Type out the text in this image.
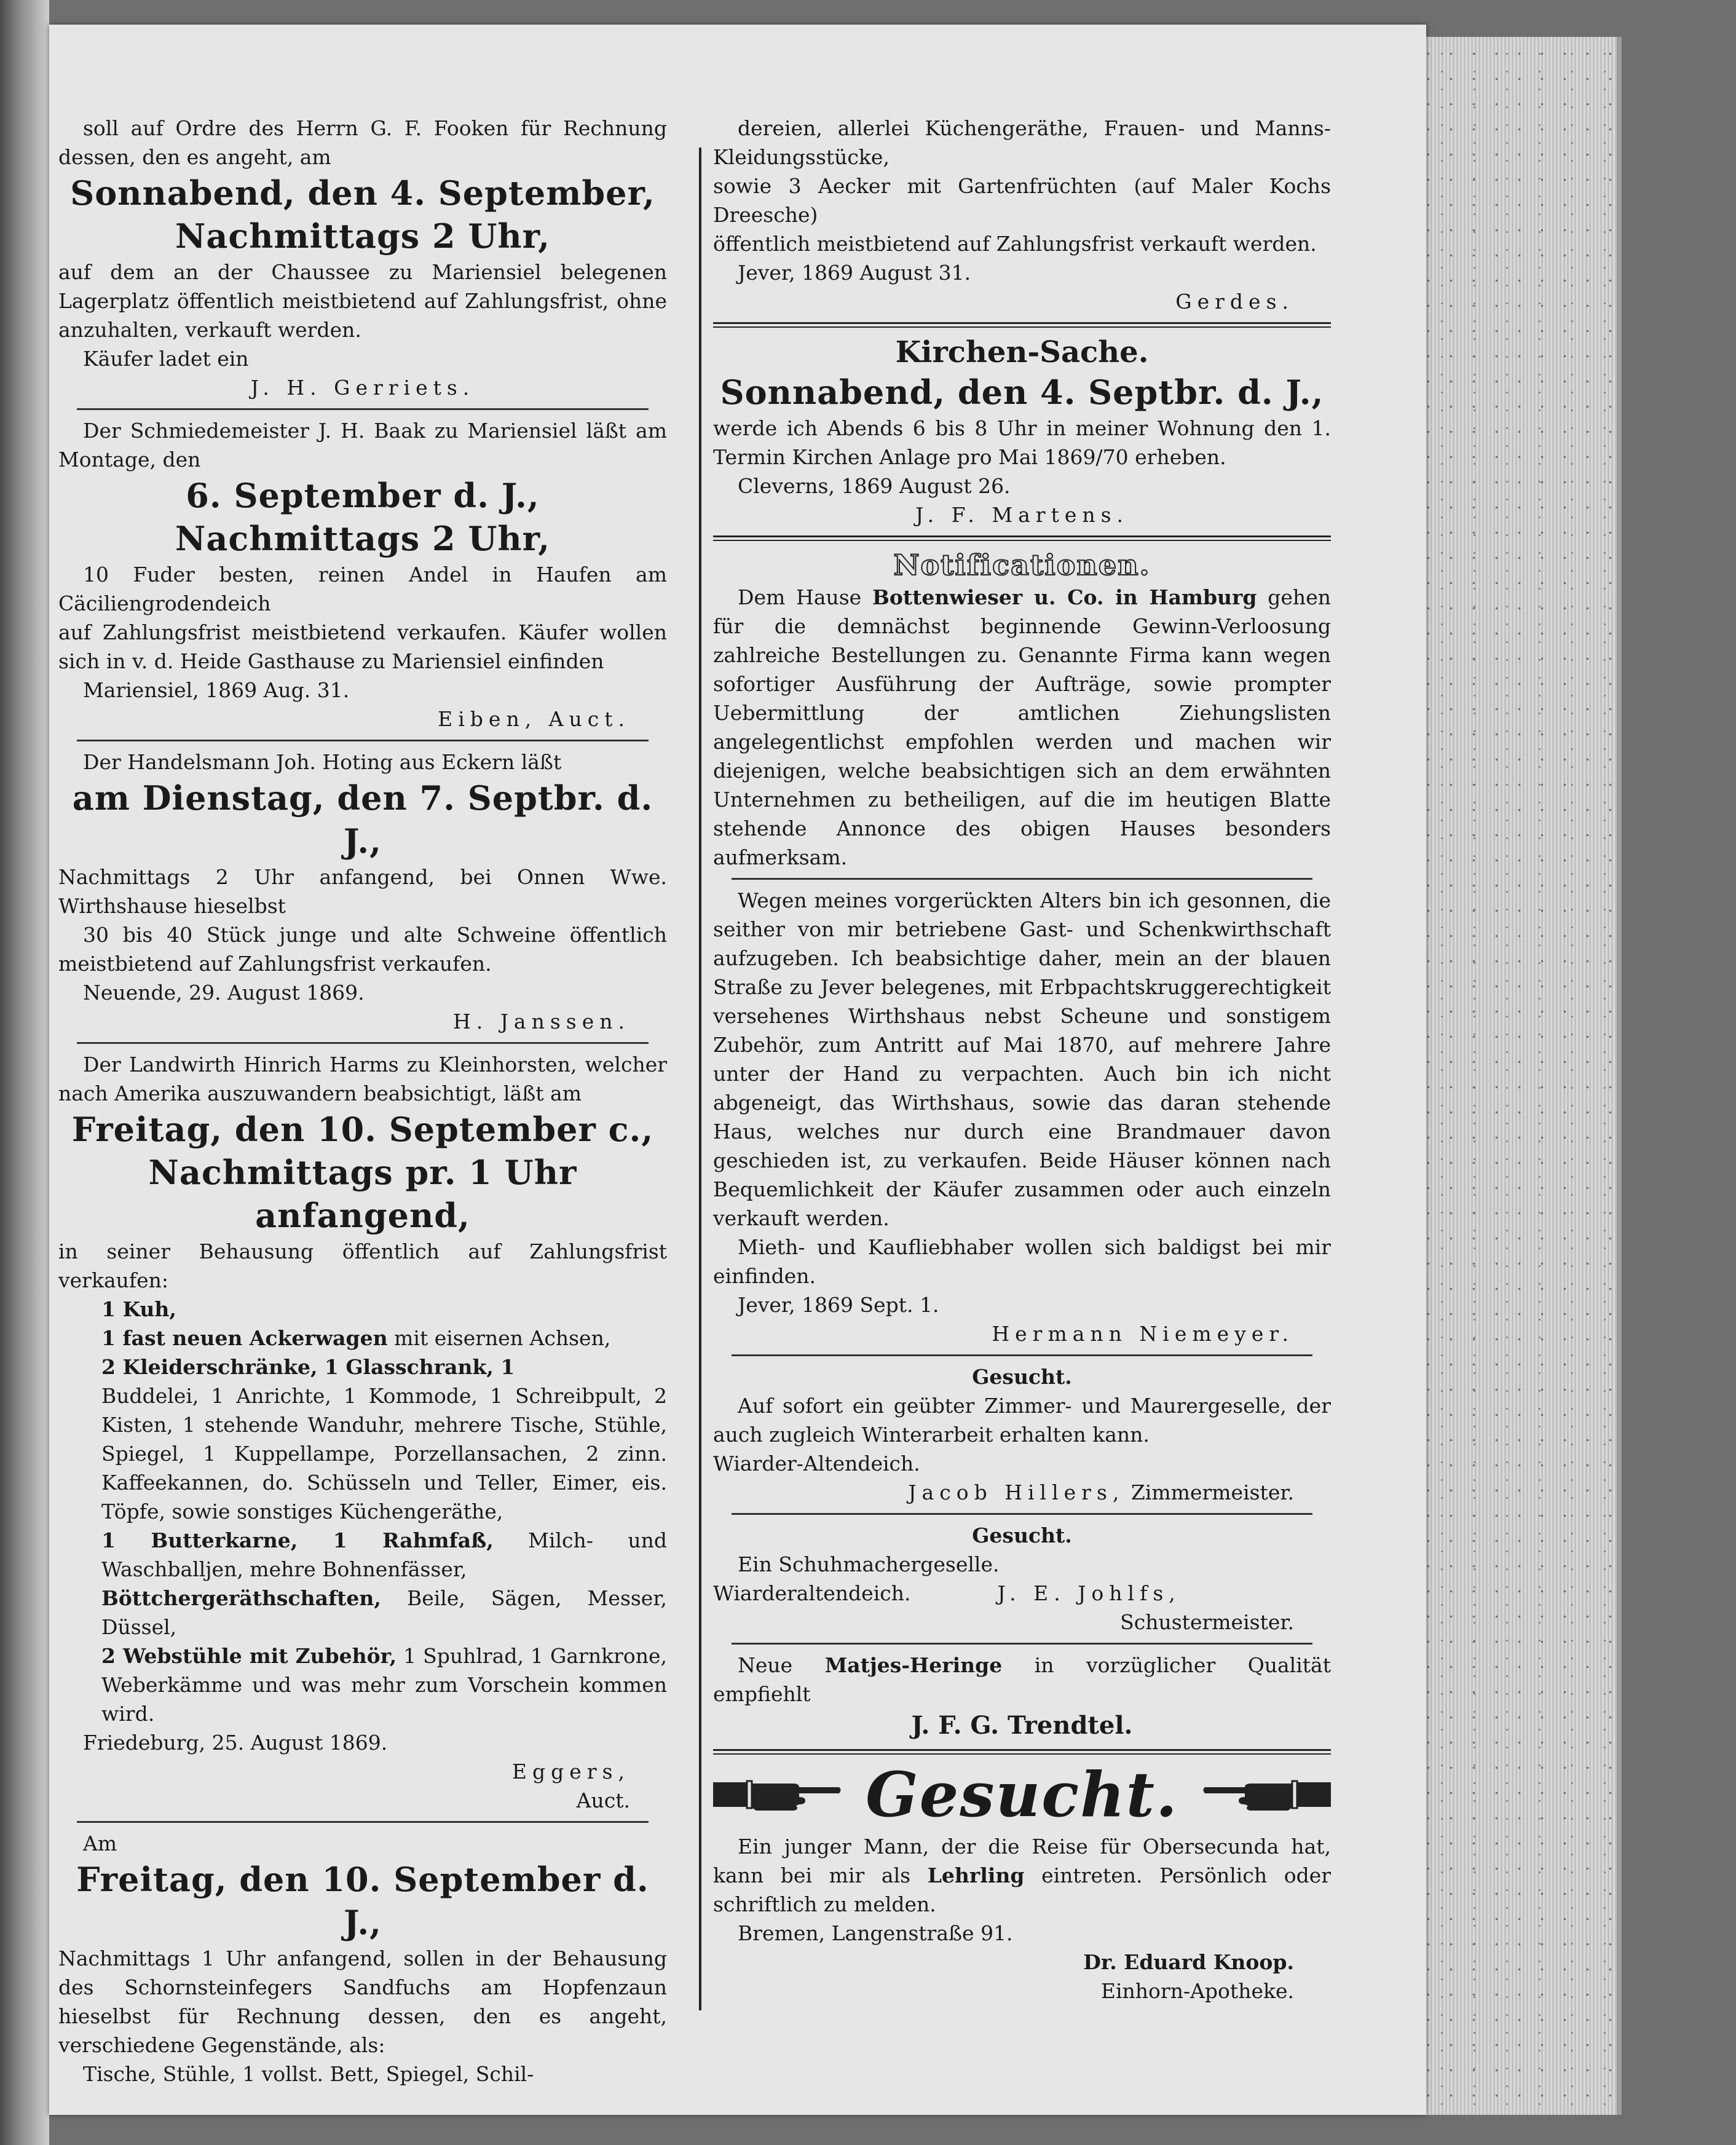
soll auf Ordre des Herrn G. F. Fooken für Rechnung dessen, den es angeht, am

Sonnabend, den 4. September,

Nachmittags 2 Uhr,

auf dem an der Chaussee zu Mariensiel belegenen Lagerplatz öffentlich meistbietend auf Zahlungsfrist, ohne anzuhalten, verkauft werden.

Käufer ladet ein

J. H. Gerriets.

Der Schmiedemeister J. H. Baak zu Mariensiel läßt am Montage, den

6. September d. J.,

Nachmittags 2 Uhr,

10 Fuder besten, reinen Andel in Haufen am Cäciliengrodendeich

auf Zahlungsfrist meistbietend verkaufen. Käufer wollen sich in v. d. Heide Gasthause zu Mariensiel einfinden

Mariensiel, 1869 Aug. 31.

Eiben, Auct.

Der Handelsmann Joh. Hoting aus Eckern läßt

am Dienstag, den 7. Septbr. d. J.,

Nachmittags 2 Uhr anfangend, bei Onnen Wwe. Wirthshause hieselbst

30 bis 40 Stück junge und alte Schweine öffentlich meistbietend auf Zahlungsfrist verkaufen.

Neuende, 29. August 1869.

H. Janssen.

Der Landwirth Hinrich Harms zu Kleinhorsten, welcher nach Amerika auszuwandern beabsichtigt, läßt am

Freitag, den 10. September c.,

Nachmittags pr. 1 Uhr anfangend,

in seiner Behausung öffentlich auf Zahlungsfrist verkaufen:

1 Kuh,

1 fast neuen Ackerwagen mit eisernen Achsen,

2 Kleiderschränke, 1 Glasschrank, 1

Buddelei, 1 Anrichte, 1 Kommode, 1 Schreibpult, 2 Kisten, 1 stehende Wanduhr, mehrere Tische, Stühle, Spiegel, 1 Kuppellampe, Porzellansachen, 2 zinn. Kaffeekannen, do. Schüsseln und Teller, Eimer, eis. Töpfe, sowie sonstiges Küchengeräthe,

1 Butterkarne, 1 Rahmfaß, Milch- und Waschballjen, mehre Bohnenfässer,

Böttchergeräthschaften, Beile, Sägen, Messer, Düssel,

2 Webstühle mit Zubehör, 1 Spuhlrad, 1 Garnkrone, Weberkämme und was mehr zum Vorschein kommen wird.

Friedeburg, 25. August 1869.

Eggers,

Auct.

Am

Freitag, den 10. September d. J.,

Nachmittags 1 Uhr anfangend, sollen in der Behausung des Schornsteinfegers Sandfuchs am Hopfenzaun hieselbst für Rechnung dessen, den es angeht, verschiedene Gegenstände, als:

Tische, Stühle, 1 vollst. Bett, Spiegel, Schil-

dereien, allerlei Küchengeräthe, Frauen- und Manns-Kleidungsstücke,

sowie 3 Aecker mit Gartenfrüchten (auf Maler Kochs Dreesche)

öffentlich meistbietend auf Zahlungsfrist verkauft werden.

Jever, 1869 August 31.

Gerdes.

Kirchen-Sache.

Sonnabend, den 4. Septbr. d. J.,

werde ich Abends 6 bis 8 Uhr in meiner Wohnung den 1. Termin Kirchen Anlage pro Mai 1869/70 erheben.

Cleverns, 1869 August 26.

J. F. Martens.

Notificationen.

Dem Hause Bottenwieser u. Co. in Hamburg gehen für die demnächst beginnende Gewinn-Verloosung zahlreiche Bestellungen zu. Genannte Firma kann wegen sofortiger Ausführung der Aufträge, sowie prompter Uebermittlung der amtlichen Ziehungslisten angelegentlichst empfohlen werden und machen wir diejenigen, welche beabsichtigen sich an dem erwähnten Unternehmen zu betheiligen, auf die im heutigen Blatte stehende Annonce des obigen Hauses besonders aufmerksam.

Wegen meines vorgerückten Alters bin ich gesonnen, die seither von mir betriebene Gast- und Schenkwirthschaft aufzugeben. Ich beabsichtige daher, mein an der blauen Straße zu Jever belegenes, mit Erbpachtskruggerechtigkeit versehenes Wirthshaus nebst Scheune und sonstigem Zubehör, zum Antritt auf Mai 1870, auf mehrere Jahre unter der Hand zu verpachten. Auch bin ich nicht abgeneigt, das Wirthshaus, sowie das daran stehende Haus, welches nur durch eine Brandmauer davon geschieden ist, zu verkaufen. Beide Häuser können nach Bequemlichkeit der Käufer zusammen oder auch einzeln verkauft werden.

Mieth- und Kaufliebhaber wollen sich baldigst bei mir einfinden.

Jever, 1869 Sept. 1.

Hermann Niemeyer.

Gesucht.

Auf sofort ein geübter Zimmer- und Maurergeselle, der auch zugleich Winterarbeit erhalten kann.

Wiarder-Altendeich.

Jacob Hillers, Zimmermeister.

Gesucht.

Ein Schuhmachergeselle.

Wiarderaltendeich.	J. E. Johlfs,

Schustermeister.

Neue Matjes-Heringe in vorzüglicher Qualität empfiehlt

J. F. G. Trendtel.

Gesucht.

Ein junger Mann, der die Reise für Obersecunda hat, kann bei mir als Lehrling eintreten. Persönlich oder schriftlich zu melden.

Bremen, Langenstraße 91.

Dr. Eduard Knoop.

Einhorn-Apotheke.
